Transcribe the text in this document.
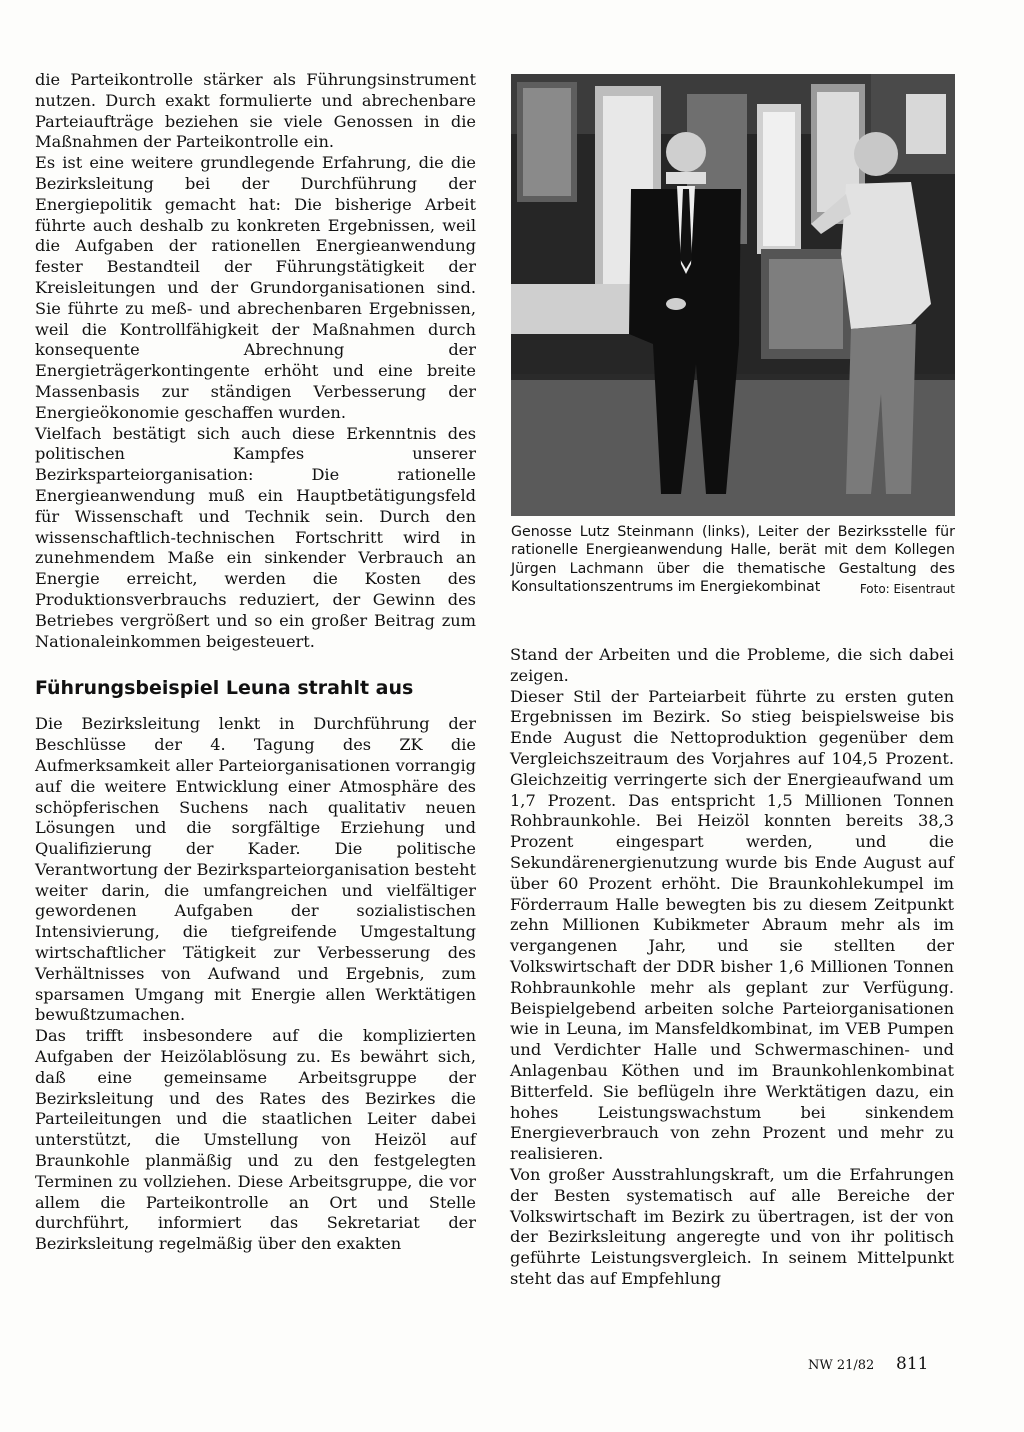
die Parteikontrolle stärker als Führungsinstrument nutzen. Durch exakt formulierte und abrechenbare Parteiaufträge beziehen sie viele Genossen in die Maßnahmen der Parteikontrolle ein.

Es ist eine weitere grundlegende Erfahrung, die die Bezirksleitung bei der Durchführung der Energiepolitik gemacht hat: Die bisherige Arbeit führte auch deshalb zu konkreten Ergebnissen, weil die Aufgaben der rationellen Energieanwendung fester Bestandteil der Führungstätigkeit der Kreisleitungen und der Grundorganisationen sind. Sie führte zu meß- und abrechenbaren Ergebnissen, weil die Kontrollfähigkeit der Maßnahmen durch konsequente Abrechnung der Energieträgerkontingente erhöht und eine breite Massenbasis zur ständigen Verbesserung der Energieökonomie geschaffen wurden.

Vielfach bestätigt sich auch diese Erkenntnis des politischen Kampfes unserer Bezirksparteiorganisation: Die rationelle Energieanwendung muß ein Hauptbetätigungsfeld für Wissenschaft und Technik sein. Durch den wissenschaftlich-technischen Fortschritt wird in zunehmendem Maße ein sinkender Verbrauch an Energie erreicht, werden die Kosten des Produktionsverbrauchs reduziert, der Gewinn des Betriebes vergrößert und so ein großer Beitrag zum Nationaleinkommen beigesteuert.

Führungsbeispiel Leuna strahlt aus

Die Bezirksleitung lenkt in Durchführung der Beschlüsse der 4. Tagung des ZK die Aufmerksamkeit aller Parteiorganisationen vorrangig auf die weitere Entwicklung einer Atmosphäre des schöpferischen Suchens nach qualitativ neuen Lösungen und die sorgfältige Erziehung und Qualifizierung der Kader. Die politische Verantwortung der Bezirksparteiorganisation besteht weiter darin, die umfangreichen und vielfältiger gewordenen Aufgaben der sozialistischen Intensivierung, die tiefgreifende Umgestaltung wirtschaftlicher Tätigkeit zur Verbesserung des Verhältnisses von Aufwand und Ergebnis, zum sparsamen Umgang mit Energie allen Werktätigen bewußtzumachen.

Das trifft insbesondere auf die komplizierten Aufgaben der Heizölablösung zu. Es bewährt sich, daß eine gemeinsame Arbeitsgruppe der Bezirksleitung und des Rates des Bezirkes die Parteileitungen und die staatlichen Leiter dabei unterstützt, die Umstellung von Heizöl auf Braunkohle planmäßig und zu den festgelegten Terminen zu vollziehen. Diese Arbeitsgruppe, die vor allem die Parteikontrolle an Ort und Stelle durchführt, informiert das Sekretariat der Bezirksleitung regelmäßig über den exakten

Genosse Lutz Steinmann (links), Leiter der Bezirksstelle für rationelle Energieanwendung Halle, berät mit dem Kollegen Jürgen Lachmann über die thematische Gestaltung des Konsultationszentrums im Energiekombinat	Foto: Eisentraut

Stand der Arbeiten und die Probleme, die sich dabei zeigen.

Dieser Stil der Parteiarbeit führte zu ersten guten Ergebnissen im Bezirk. So stieg beispielsweise bis Ende August die Nettoproduktion gegenüber dem Vergleichszeitraum des Vorjahres auf 104,5 Prozent. Gleichzeitig verringerte sich der Energieaufwand um 1,7 Prozent. Das entspricht 1,5 Millionen Tonnen Rohbraunkohle. Bei Heizöl konnten bereits 38,3 Prozent eingespart werden, und die Sekundärenergienutzung wurde bis Ende August auf über 60 Prozent erhöht. Die Braunkohlekumpel im Förderraum Halle bewegten bis zu diesem Zeitpunkt zehn Millionen Kubikmeter Abraum mehr als im vergangenen Jahr, und sie stellten der Volkswirtschaft der DDR bisher 1,6 Millionen Tonnen Rohbraunkohle mehr als geplant zur Verfügung. Beispielgebend arbeiten solche Parteiorganisationen wie in Leuna, im Mansfeldkombinat, im VEB Pumpen und Verdichter Halle und Schwermaschinen- und Anlagenbau Köthen und im Braunkohlenkombinat Bitterfeld. Sie beflügeln ihre Werktätigen dazu, ein hohes Leistungswachstum bei sinkendem Energieverbrauch von zehn Prozent und mehr zu realisieren.

Von großer Ausstrahlungskraft, um die Erfahrungen der Besten systematisch auf alle Bereiche der Volkswirtschaft im Bezirk zu übertragen, ist der von der Bezirksleitung angeregte und von ihr politisch geführte Leistungsvergleich. In seinem Mittelpunkt steht das auf Empfehlung

NW 21/82 811
